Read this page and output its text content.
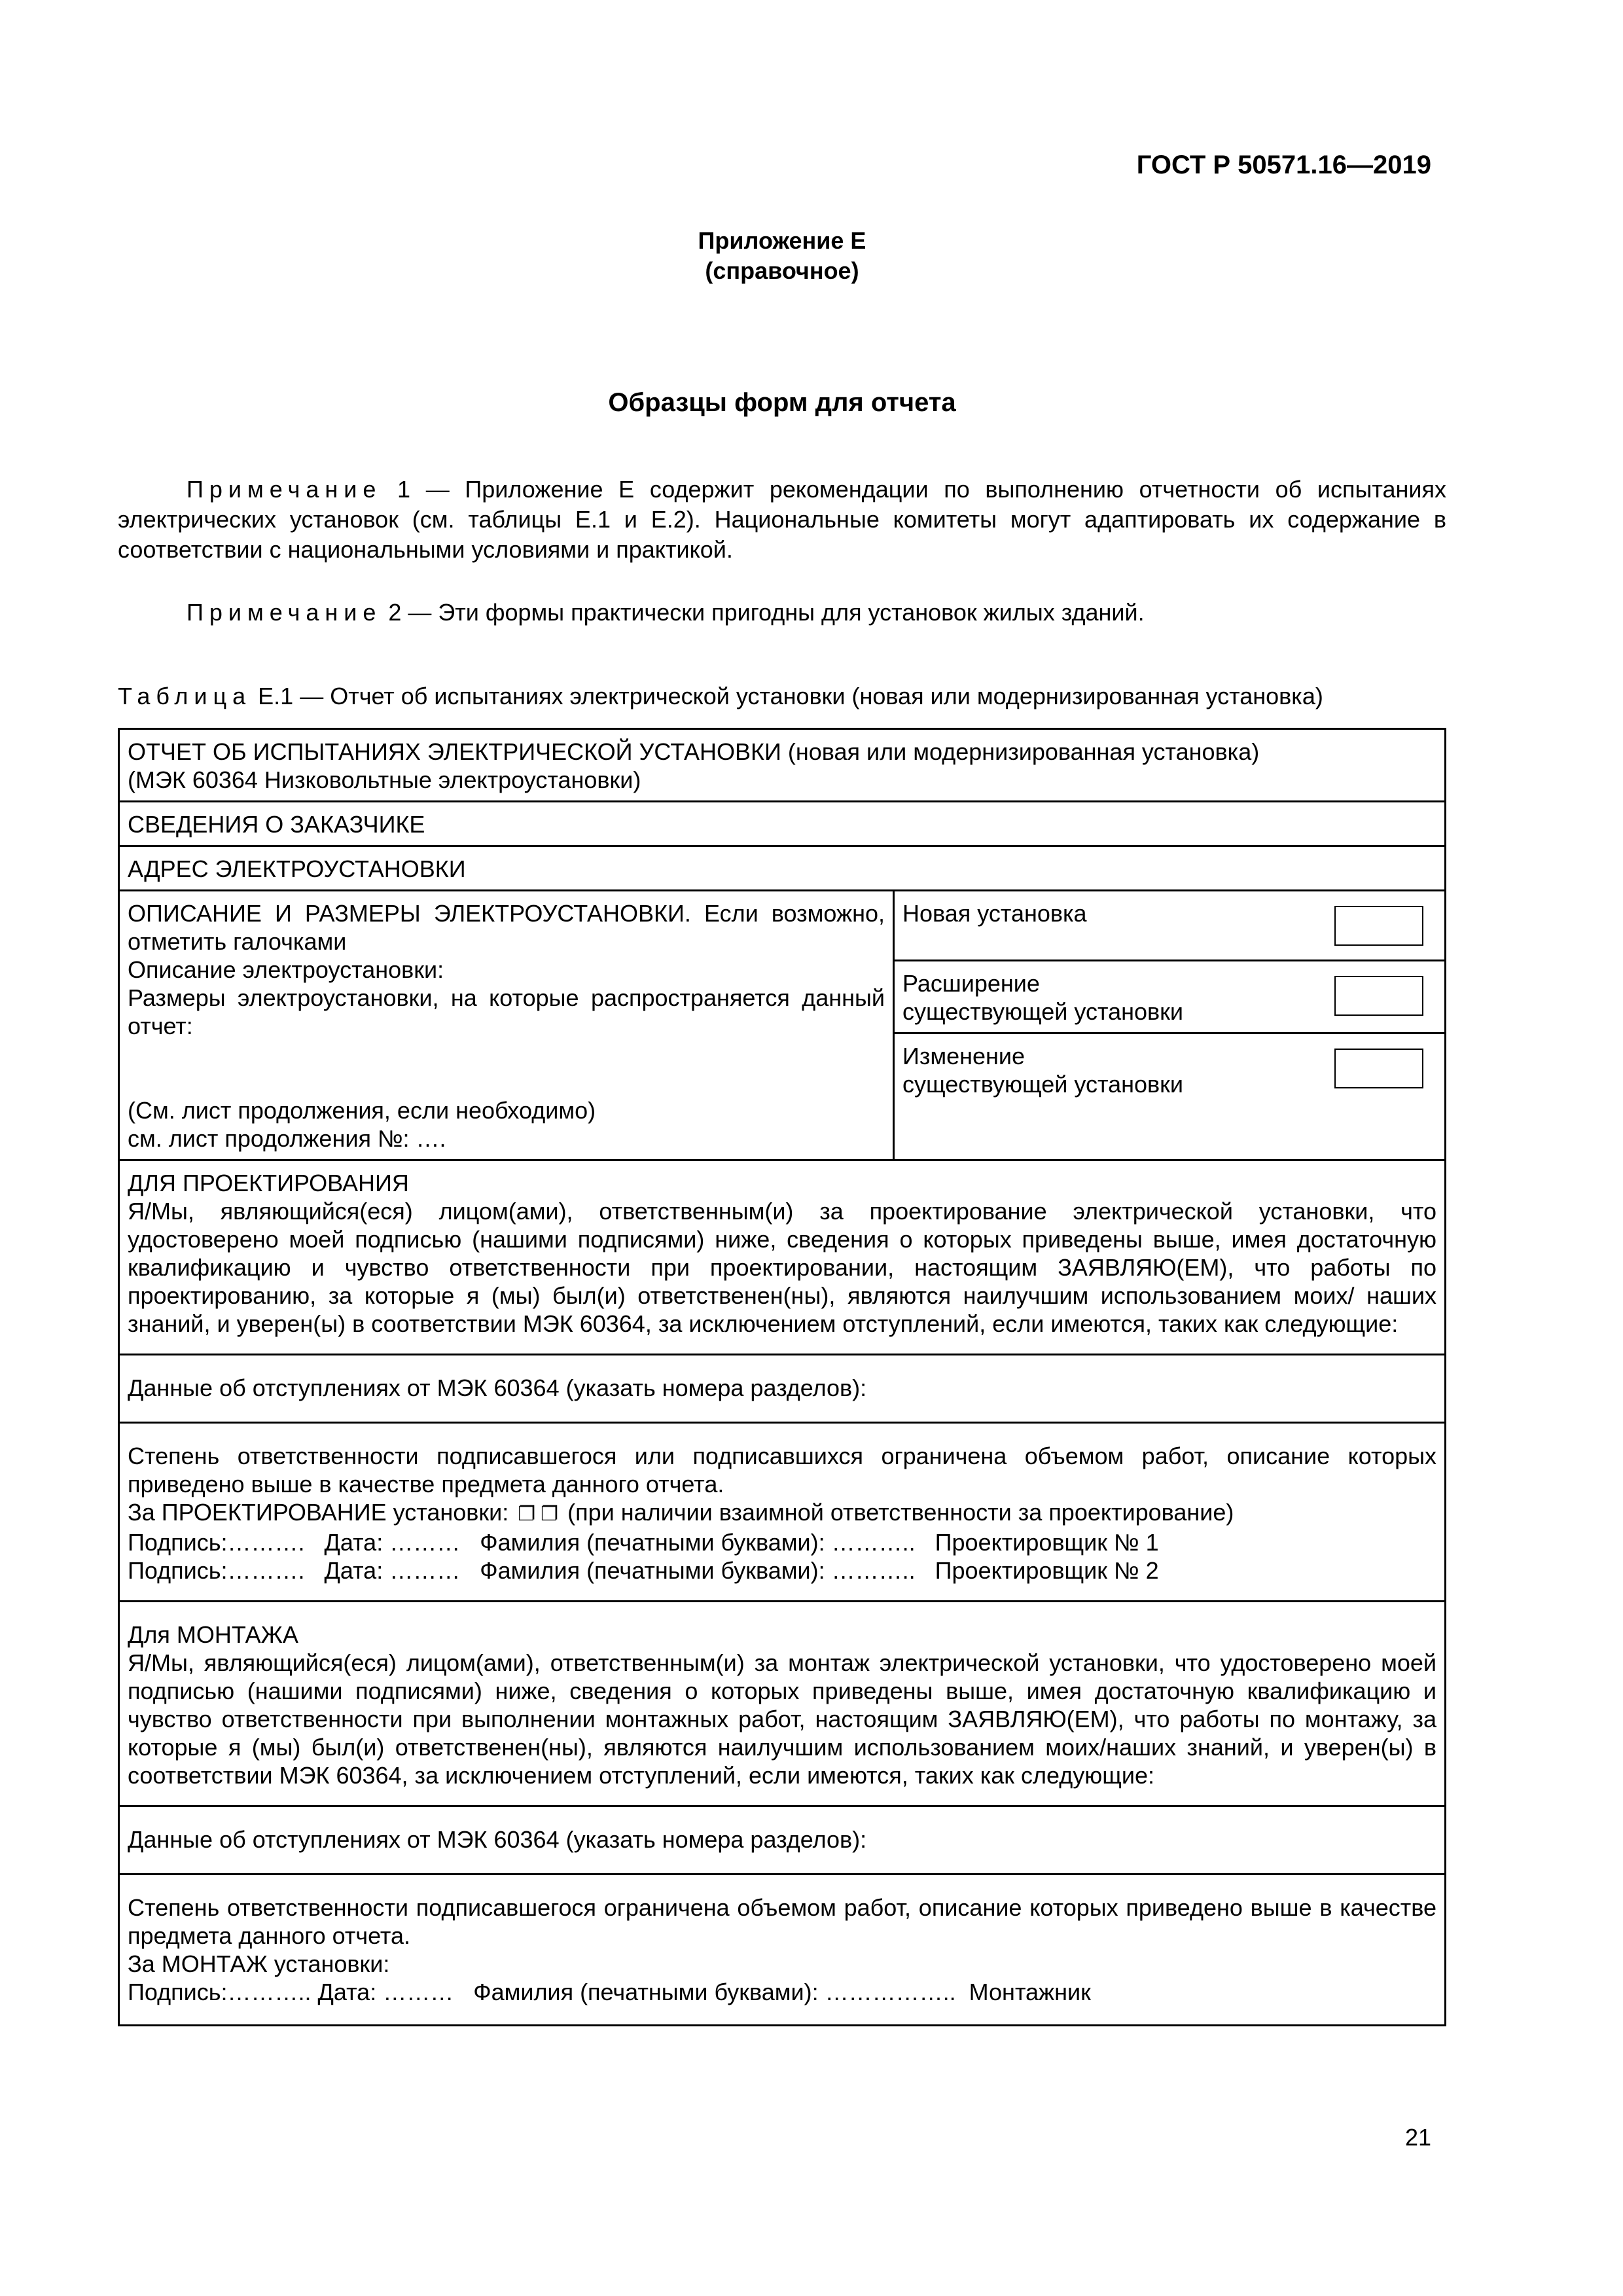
ГОСТ Р 50571.16—2019
Приложение Е
(справочное)
Образцы форм для отчета
Примечание 1 — Приложение Е содержит рекомендации по выполнению отчетности об испытаниях электрических установок (см. таблицы Е.1 и Е.2). Национальные комитеты могут адаптировать их содержание в соответствии с национальными условиями и практикой.
Примечание 2 — Эти формы практически пригодны для установок жилых зданий.
Таблица Е.1 — Отчет об испытаниях электрической установки (новая или модернизированная установка)
ОТЧЕТ ОБ ИСПЫТАНИЯХ ЭЛЕКТРИЧЕСКОЙ УСТАНОВКИ (новая или модернизированная установка)
(МЭК 60364 Низковольтные электроустановки)

СВЕДЕНИЯ О ЗАКАЗЧИКЕ
АДРЕС ЭЛЕКТРОУСТАНОВКИ

ОПИСАНИЕ И РАЗМЕРЫ ЭЛЕКТРОУСТАНОВКИ. Если возможно, отметить галочками
Описание электроустановки:
Размеры электроустановки, на которые распространяется данный отчет:
(См. лист продолжения, если необходимо)
см. лист продолжения №: ….

Новая установка

Расширение
существующей установки

Изменение
существующей установки

ДЛЯ ПРОЕКТИРОВАНИЯ
Я/Мы, являющийся(еся) лицом(ами), ответственным(и) за проектирование электрической установки, что удостоверено моей подписью (нашими подписями) ниже, сведения о которых приведены выше, имея достаточную квалификацию и чувство ответственности при проектировании, настоящим ЗАЯВЛЯЮ(ЕМ), что работы по проектированию, за которые я (мы) был(и) ответственен(ны), являются наилучшим использованием моих/ наших знаний, и уверен(ы) в соответствии МЭК 60364, за исключением отступлений, если имеются, таких как следующие:

Данные об отступлениях от МЭК 60364 (указать номера разделов):

Степень ответственности подписавшегося или подписавшихся ограничена объемом работ, описание которых приведено выше в качестве предмета данного отчета.
За ПРОЕКТИРОВАНИЕ установки: ❐ ❐ (при наличии взаимной ответственности за проектирование)
Подпись:……….   Дата: ………   Фамилия (печатными буквами): ………..   Проектировщик № 1
Подпись:……….   Дата: ………   Фамилия (печатными буквами): ………..   Проектировщик № 2

Для МОНТАЖА
Я/Мы, являющийся(еся) лицом(ами), ответственным(и) за монтаж электрической установки, что удостоверено моей подписью (нашими подписями) ниже, сведения о которых приведены выше, имея достаточную квалификацию и чувство ответственности при выполнении монтажных работ, настоящим ЗАЯВЛЯЮ(ЕМ), что работы по монтажу, за которые я (мы) был(и) ответственен(ны), являются наилучшим использованием моих/наших знаний, и уверен(ы) в соответствии МЭК 60364, за исключением отступлений, если имеются, таких как следующие:

Данные об отступлениях от МЭК 60364 (указать номера разделов):

Степень ответственности подписавшегося ограничена объемом работ, описание которых приведено выше в качестве предмета данного отчета.
За МОНТАЖ установки:
Подпись:……….. Дата: ………   Фамилия (печатными буквами): ……………..  Монтажник
21
